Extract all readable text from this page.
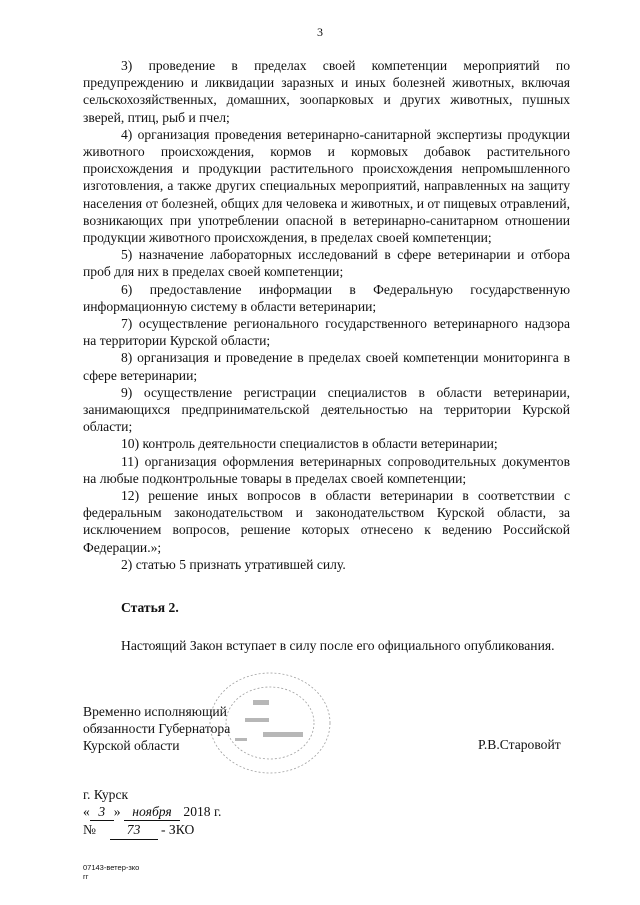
3

3) проведение в пределах своей компетенции мероприятий по предупреждению и ликвидации заразных и иных болезней животных, включая сельскохозяйственных, домашних, зоопарковых и других животных, пушных зверей, птиц, рыб и пчел;

4) организация проведения ветеринарно-санитарной экспертизы продукции животного происхождения, кормов и кормовых добавок растительного происхождения и продукции растительного происхождения непромышленного изготовления, а также других специальных мероприятий, направленных на защиту населения от болезней, общих для человека и животных, и от пищевых отравлений, возникающих при употреблении опасной в ветеринарно-санитарном отношении продукции животного происхождения, в пределах своей компетенции;

5) назначение лабораторных исследований в сфере ветеринарии и отбора проб для них в пределах своей компетенции;

6) предоставление информации в Федеральную государственную информационную систему в области ветеринарии;

7) осуществление регионального государственного ветеринарного надзора на территории Курской области;

8) организация и проведение в пределах своей компетенции мониторинга в сфере ветеринарии;

9) осуществление регистрации специалистов в области ветеринарии, занимающихся предпринимательской деятельностью на территории Курской области;

10) контроль деятельности специалистов в области ветеринарии;

11) организация оформления ветеринарных сопроводительных документов на любые подконтрольные товары в пределах своей компетенции;

12) решение иных вопросов в области ветеринарии в соответствии с федеральным законодательством и законодательством Курской области, за исключением вопросов, решение которых отнесено к ведению Российской Федерации.»;

2) статью 5 признать утратившей силу.

Статья 2.
Настоящий Закон вступает в силу после его официального опубликования.
Временно исполняющий
обязанности Губернатора
Курской области	Р.В.Старовойт
г. Курск
« 3 » ноября 2018 г.
№ 73 - ЗКО
07143-ветер-зко
гг
